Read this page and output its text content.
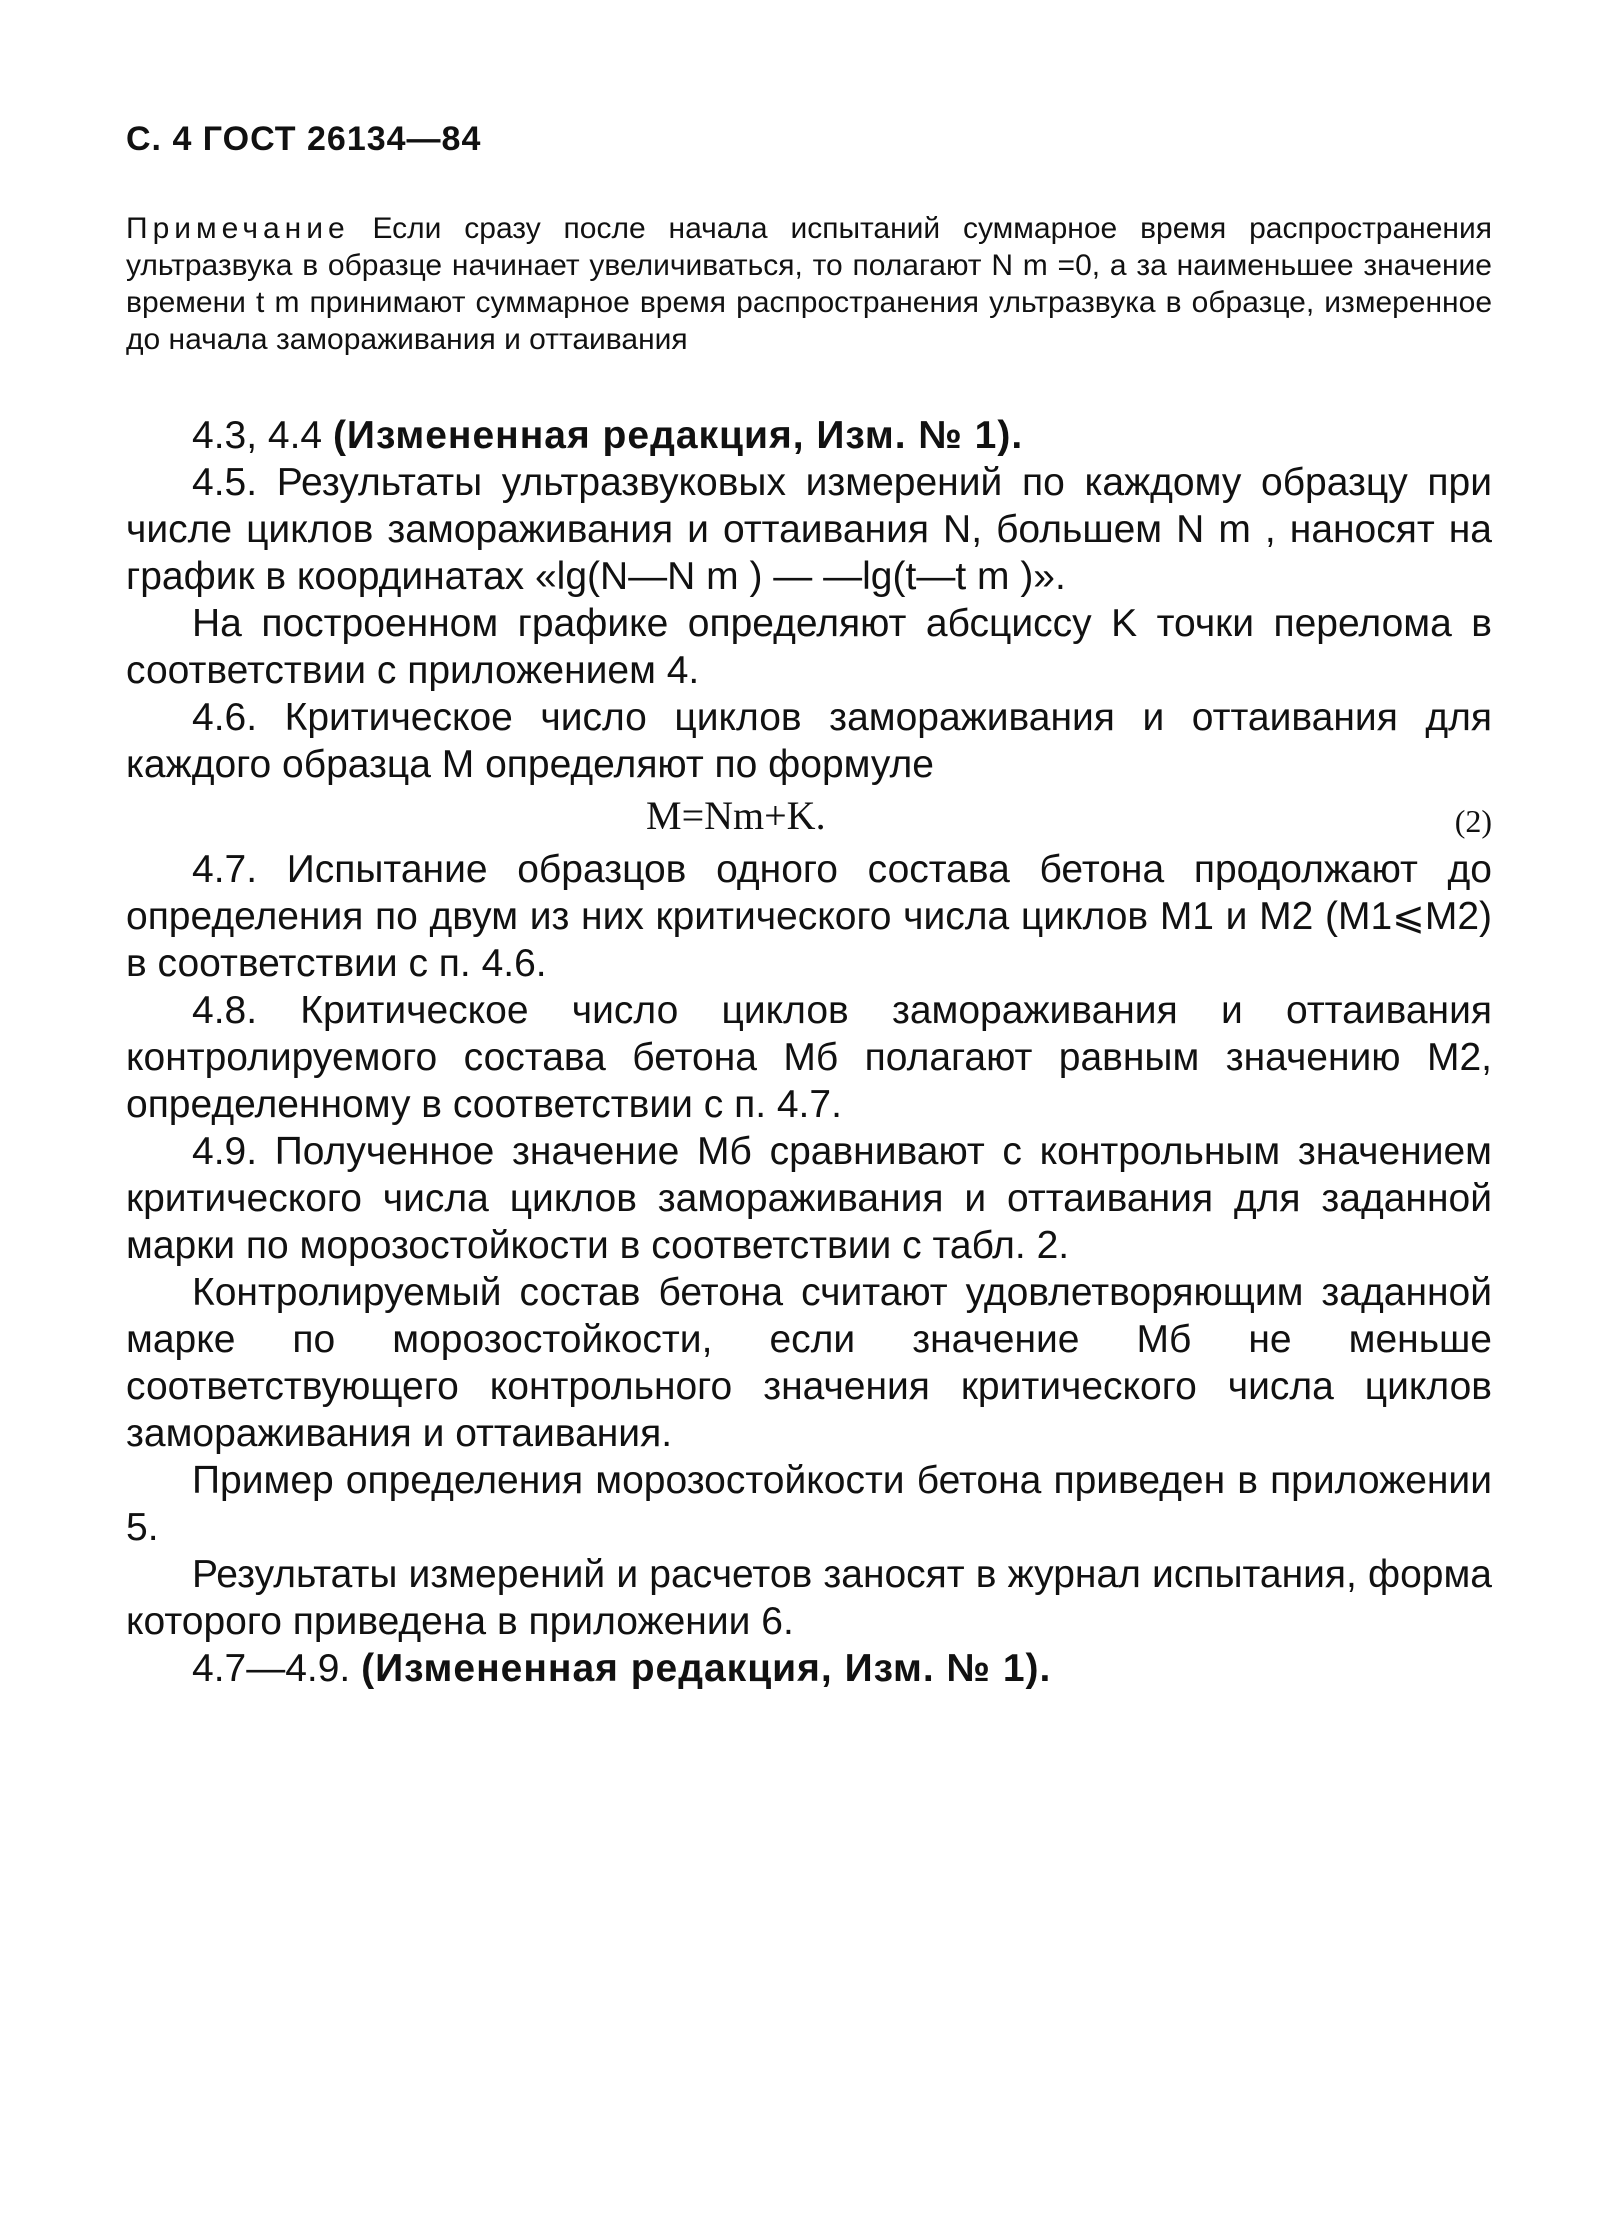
С. 4 ГОСТ 26134—84
Примечание Если сразу после начала испытаний суммарное время распространения ультразвука в образце начинает увеличиваться, то полагают N m =0, а за наименьшее значение времени t m принимают суммарное время распространения ультразвука в образце, измеренное до начала замораживания и оттаивания

4.3, 4.4 (Измененная редакция, Изм. № 1).

4.5. Результаты ультразвуковых измерений по каждому образцу при числе циклов замораживания и оттаивания N, большем N m , наносят на график в координатах «lg(N—N m ) — —lg(t—t m )».

На построенном графике определяют абсциссу K точки перелома в соответствии с приложением 4.

4.6. Критическое число циклов замораживания и оттаивания для каждого образца M определяют по формуле

M=Nm+K.	(2)

4.7. Испытание образцов одного состава бетона продолжают до определения по двум из них критического числа циклов M1 и M2 (M1⩽M2) в соответствии с п. 4.6.

4.8. Критическое число циклов замораживания и оттаивания контролируемого состава бетона Mб полагают равным значению M2, определенному в соответствии с п. 4.7.

4.9. Полученное значение Mб сравнивают с контрольным значением критического числа циклов замораживания и оттаивания для заданной марки по морозостойкости в соответствии с табл. 2.

Контролируемый состав бетона считают удовлетворяющим заданной марке по морозостойкости, если значение Mб не меньше соответствующего контрольного значения критического числа циклов замораживания и оттаивания.

Пример определения морозостойкости бетона приведен в приложении 5.

Результаты измерений и расчетов заносят в журнал испытания, форма которого приведена в приложении 6.

4.7—4.9. (Измененная редакция, Изм. № 1).
